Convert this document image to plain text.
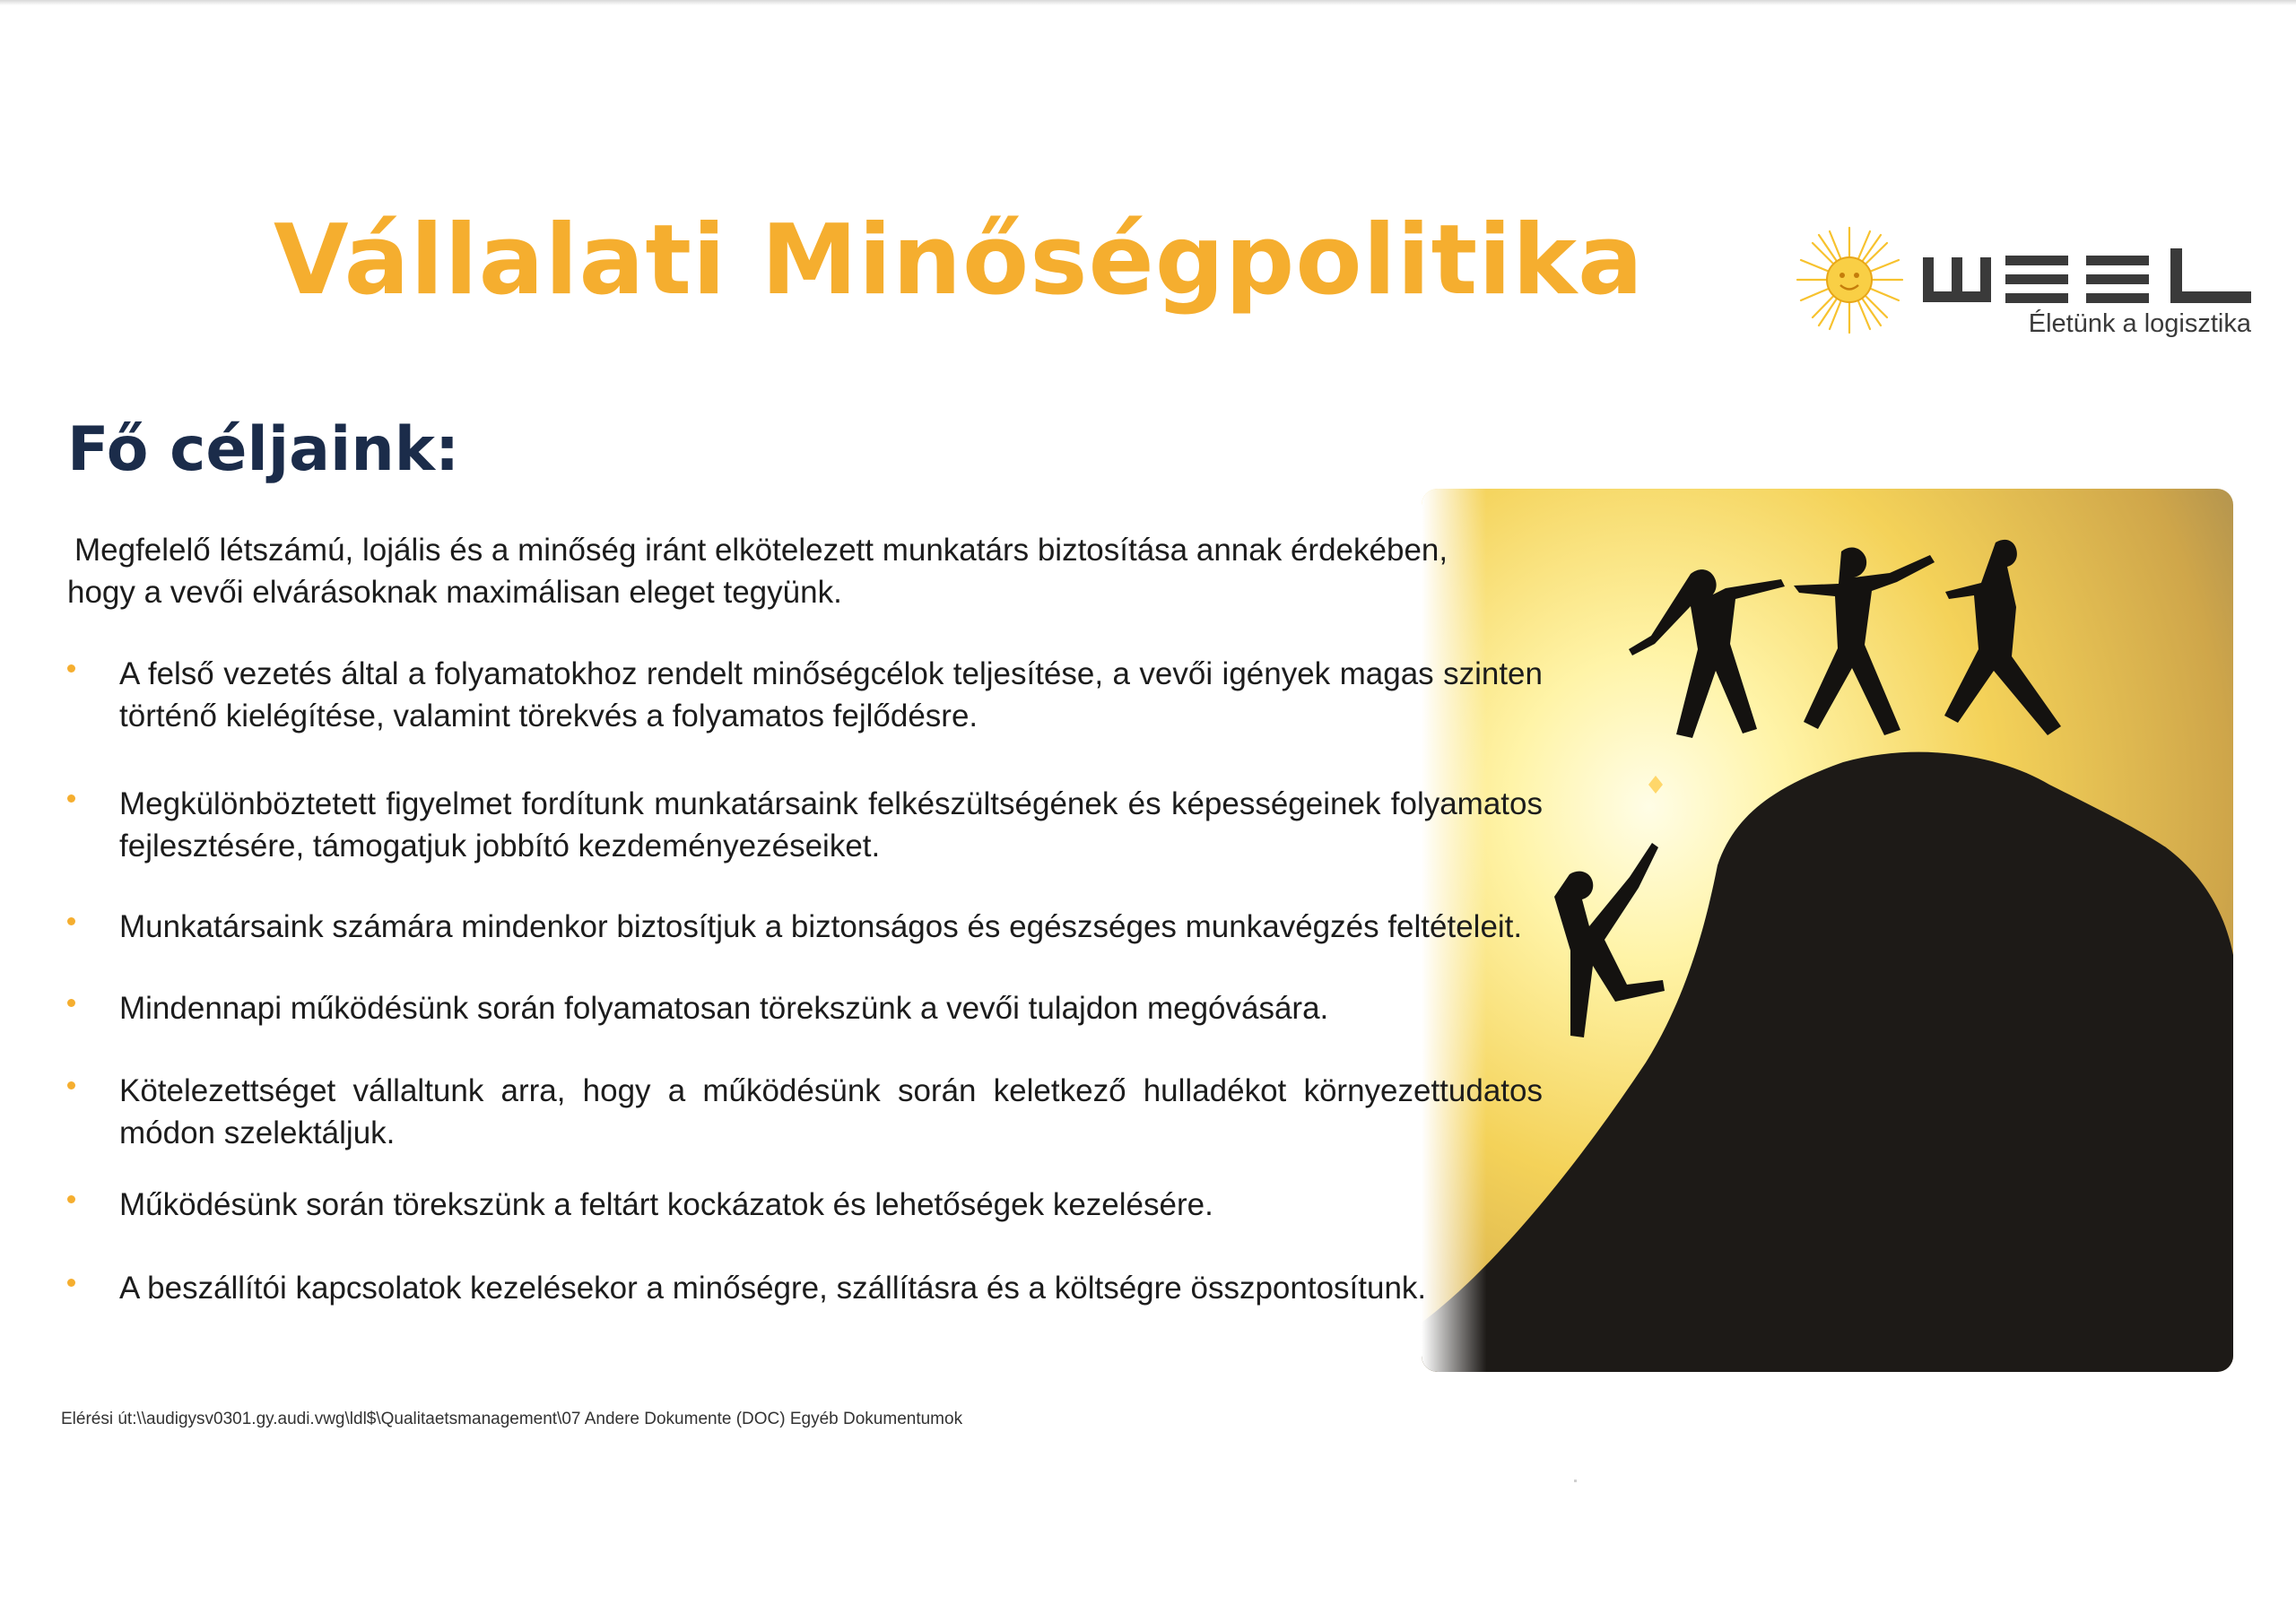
Vállalati Minőségpolitika
Életünk a logisztika
Fő céljaink:
Megfelelő létszámú, lojális és a minőség iránt elkötelezett munkatárs biztosítása annak érdekében,
hogy a vevői elvárásoknak maximálisan eleget tegyünk.
A felső vezetés által a folyamatokhoz rendelt minőségcélok teljesítése, a vevői igények magas szinten történő kielégítése, valamint törekvés a folyamatos fejlődésre.
Megkülönböztetett figyelmet fordítunk munkatársaink felkészültségének és képességeinek folyamatos fejlesztésére, támogatjuk jobbító kezdeményezéseiket.
Munkatársaink számára mindenkor biztosítjuk a biztonságos és egészséges munkavégzés feltételeit.
Mindennapi működésünk során folyamatosan törekszünk a vevői tulajdon megóvására.
Kötelezettséget vállaltunk arra, hogy a működésünk során keletkező hulladékot környezettudatos módon szelektáljuk.
Működésünk során törekszünk a feltárt kockázatok és lehetőségek kezelésére.
A beszállítói kapcsolatok kezelésekor a minőségre, szállításra és a költségre összpontosítunk.
Elérési út:\\audigysv0301.gy.audi.vwg\ldl$\Qualitaetsmanagement\07 Andere Dokumente (DOC) Egyéb Dokumentumok
